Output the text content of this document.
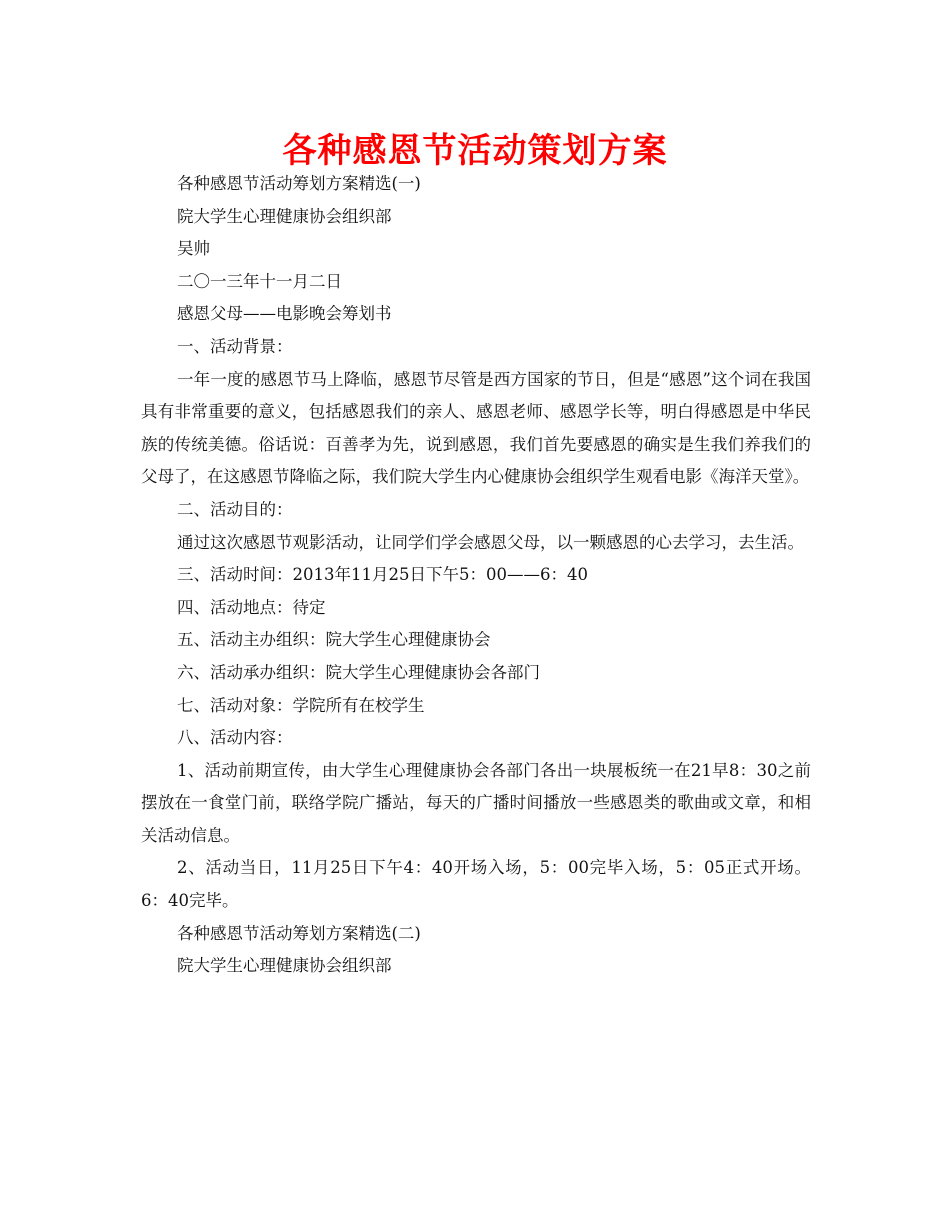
各种感恩节活动策划方案

各种感恩节活动筹划方案精选(一)

院大学生心理健康协会组织部

吴帅

二〇一三年十一月二日

感恩父母——电影晚会筹划书

一、活动背景：

一年一度的感恩节马上降临，感恩节尽管是西方国家的节日，但是“感恩”这个词在我国具有非常重要的意义，包括感恩我们的亲人、感恩老师、感恩学长等，明白得感恩是中华民族的传统美德。俗话说：百善孝为先，说到感恩，我们首先要感恩的确实是生我们养我们的父母了，在这感恩节降临之际，我们院大学生内心健康协会组织学生观看电影《海洋天堂》。

二、活动目的：

通过这次感恩节观影活动，让同学们学会感恩父母，以一颗感恩的心去学习，去生活。

三、活动时间：2013年11月25日下午5：00——6：40

四、活动地点：待定

五、活动主办组织：院大学生心理健康协会

六、活动承办组织：院大学生心理健康协会各部门

七、活动对象：学院所有在校学生

八、活动内容：

1、活动前期宣传，由大学生心理健康协会各部门各出一块展板统一在21早8：30之前摆放在一食堂门前，联络学院广播站，每天的广播时间播放一些感恩类的歌曲或文章，和相关活动信息。

2、活动当日，11月25日下午4：40开场入场，5：00完毕入场，5：05正式开场。6：40完毕。

各种感恩节活动筹划方案精选(二)

院大学生心理健康协会组织部
